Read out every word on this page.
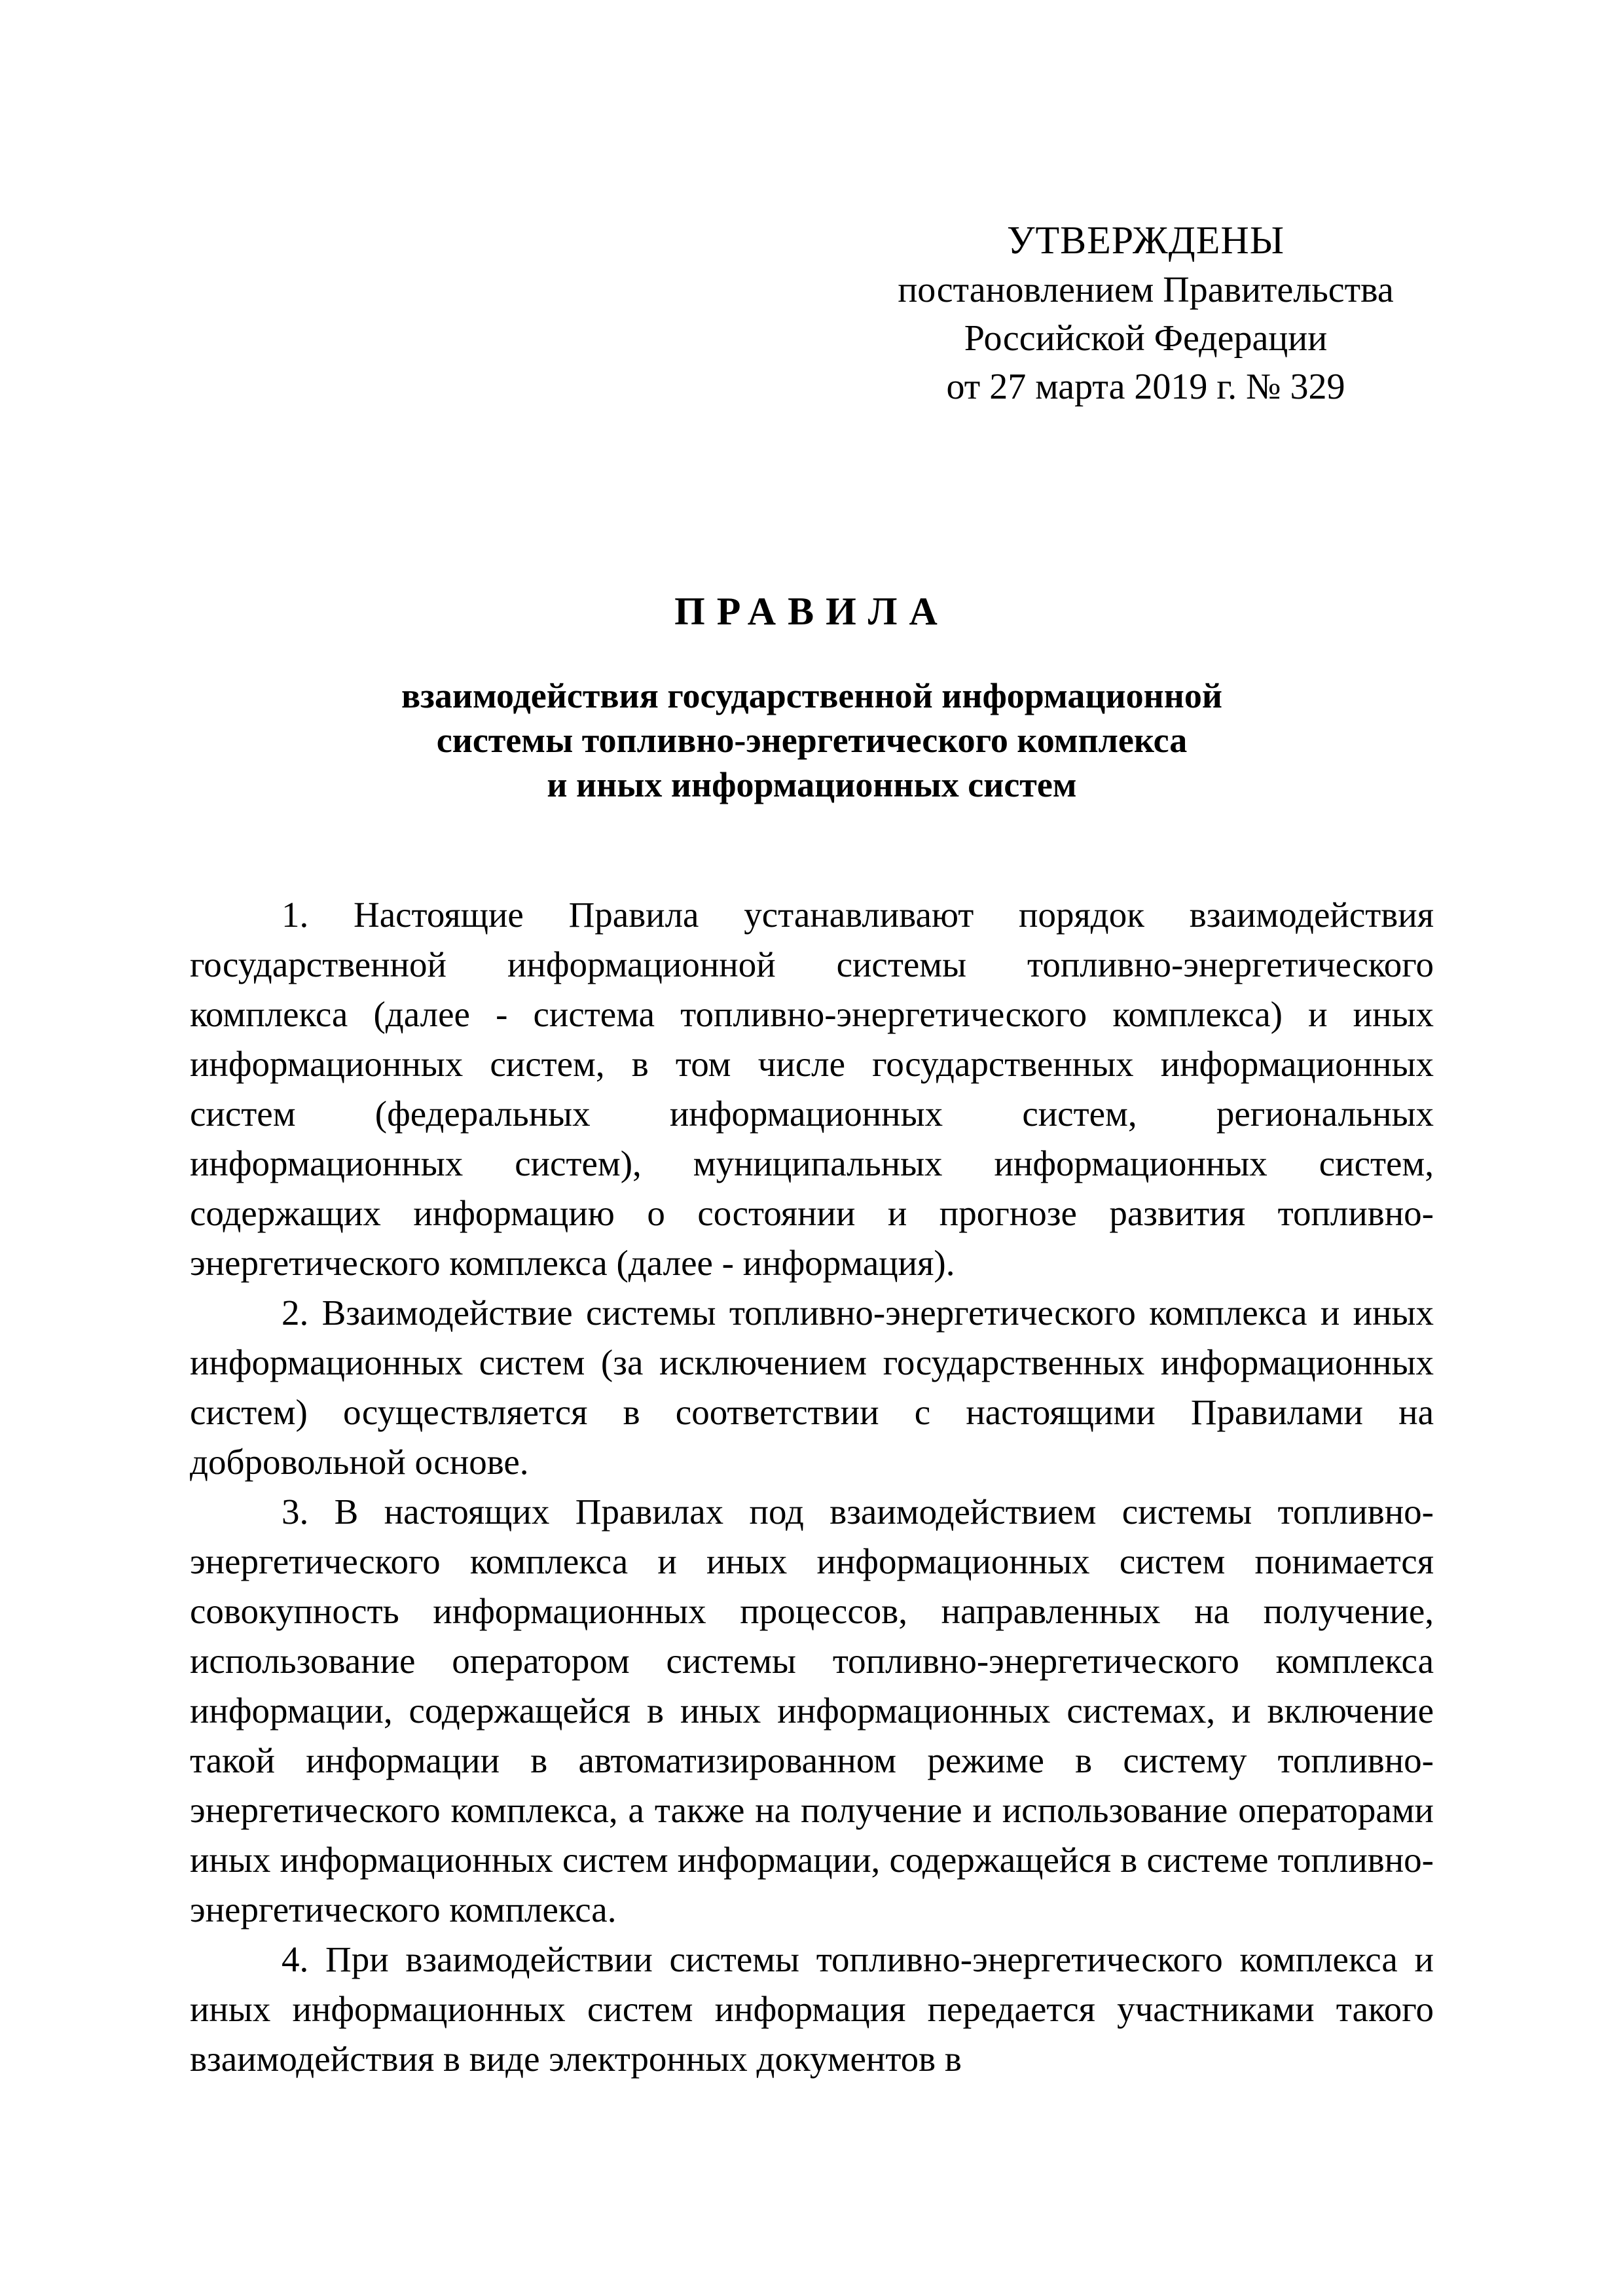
УТВЕРЖДЕНЫ
постановлением Правительства
Российской Федерации
от 27 марта 2019 г. № 329
ПРАВИЛА
взаимодействия государственной информационной
системы топливно-энергетического комплекса
и иных информационных систем

1. Настоящие Правила устанавливают порядок взаимодействия государственной информационной системы топливно-энергетического комплекса (далее - система топливно-энергетического комплекса) и иных информационных систем, в том числе государственных информационных систем (федеральных информационных систем, региональных информационных систем), муниципальных информационных систем, содержащих информацию о состоянии и прогнозе развития топливно-энергетического комплекса (далее - информация).

2. Взаимодействие системы топливно-энергетического комплекса и иных информационных систем (за исключением государственных информационных систем) осуществляется в соответствии с настоящими Правилами на добровольной основе.

3. В настоящих Правилах под взаимодействием системы топливно-энергетического комплекса и иных информационных систем понимается совокупность информационных процессов, направленных на получение, использование оператором системы топливно-энергетического комплекса информации, содержащейся в иных информационных системах, и включение такой информации в автоматизированном режиме в систему топливно-энергетического комплекса, а также на получение и использование операторами иных информационных систем информации, содержащейся в системе топливно-энергетического комплекса.

4. При взаимодействии системы топливно-энергетического комплекса и иных информационных систем информация передается участниками такого взаимодействия в виде электронных документов в
